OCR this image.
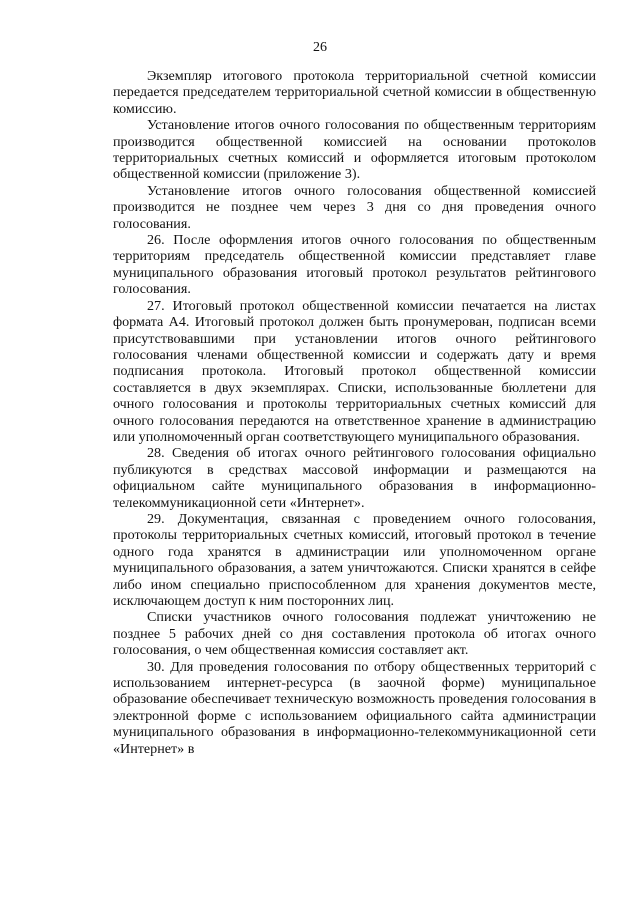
26

Экземпляр итогового протокола территориальной счетной комиссии передается председателем территориальной счетной комиссии в общественную комиссию.

Установление итогов очного голосования по общественным территориям производится общественной комиссией на основании протоколов территориальных счетных комиссий и оформляется итоговым протоколом общественной комиссии (приложение 3).

Установление итогов очного голосования общественной комиссией производится не позднее чем через 3 дня со дня проведения очного голосования.

26. После оформления итогов очного голосования по общественным территориям председатель общественной комиссии представляет главе муниципального образования итоговый протокол результатов рейтингового голосования.

27. Итоговый протокол общественной комиссии печатается на листах формата А4. Итоговый протокол должен быть пронумерован, подписан всеми присутствовавшими при установлении итогов очного рейтингового голосования членами общественной комиссии и содержать дату и время подписания протокола. Итоговый протокол общественной комиссии составляется в двух экземплярах. Списки, использованные бюллетени для очного голосования и протоколы территориальных счетных комиссий для очного голосования передаются на ответственное хранение в администрацию или уполномоченный орган соответствующего муниципального образования.

28. Сведения об итогах очного рейтингового голосования официально публикуются в средствах массовой информации и размещаются на официальном сайте муниципального образования в информационно-телекоммуникационной сети «Интернет».

29. Документация, связанная с проведением очного голосования, протоколы территориальных счетных комиссий, итоговый протокол в течение одного года хранятся в администрации или уполномоченном органе муниципального образования, а затем уничтожаются. Списки хранятся в сейфе либо ином специально приспособленном для хранения документов месте, исключающем доступ к ним посторонних лиц.

Списки участников очного голосования подлежат уничтожению не позднее 5 рабочих дней со дня составления протокола об итогах очного голосования, о чем общественная комиссия составляет акт.

30. Для проведения голосования по отбору общественных территорий с использованием интернет-ресурса (в заочной форме) муниципальное образование обеспечивает техническую возможность проведения голосования в электронной форме с использованием официального сайта администрации муниципального образования в информационно-телекоммуникационной сети «Интернет» в
